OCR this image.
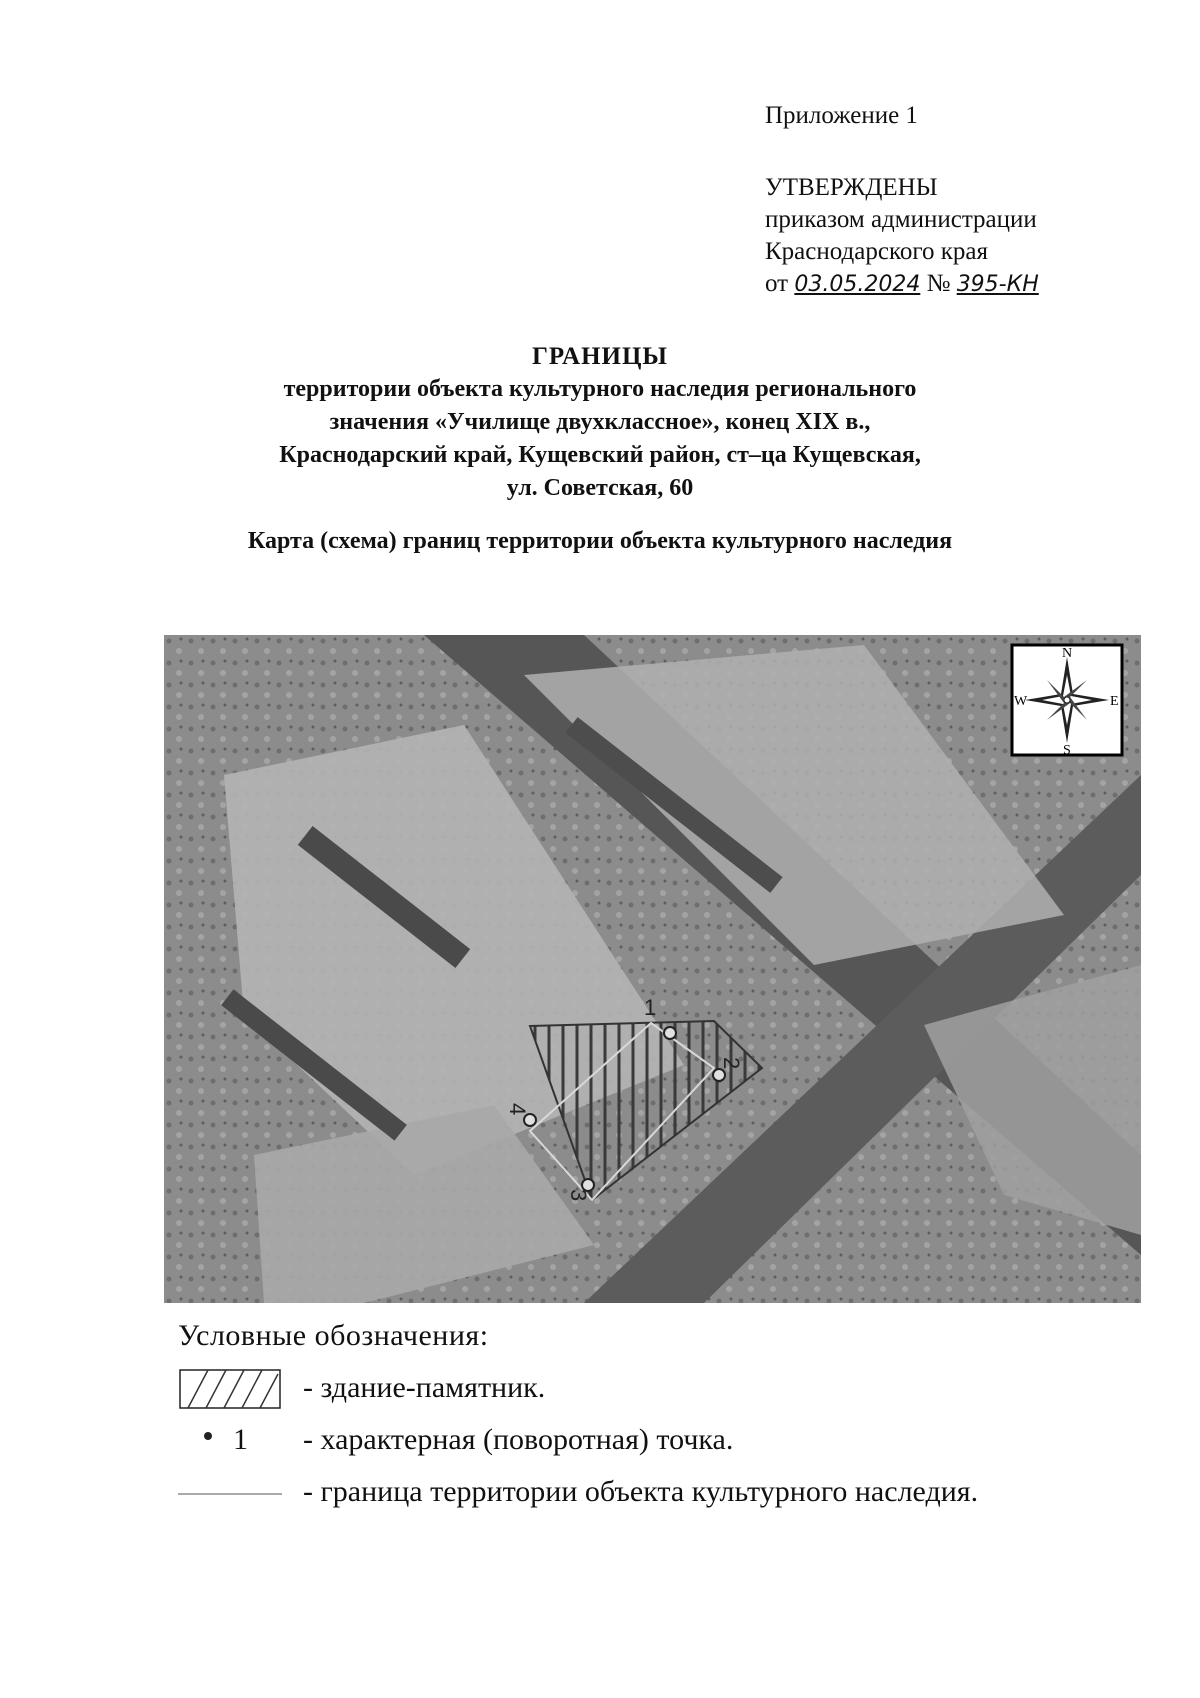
Приложение 1
УТВЕРЖДЕНЫ
приказом администрации
Краснодарского края
от 03.05.2024 № 395-КН
ГРАНИЦЫ
территории объекта культурного наследия регионального
значения «Училище двухклассное», конец XIX в.,
Краснодарский край, Кущевский район, ст–ца Кущевская,
ул. Советская, 60
Карта (схема) границ территории объекта культурного наследия
1
2
3
4
N
S
E
W
Условные обозначения:
- здание-памятник.
1 - характерная (поворотная) точка.
- граница территории объекта культурного наследия.
